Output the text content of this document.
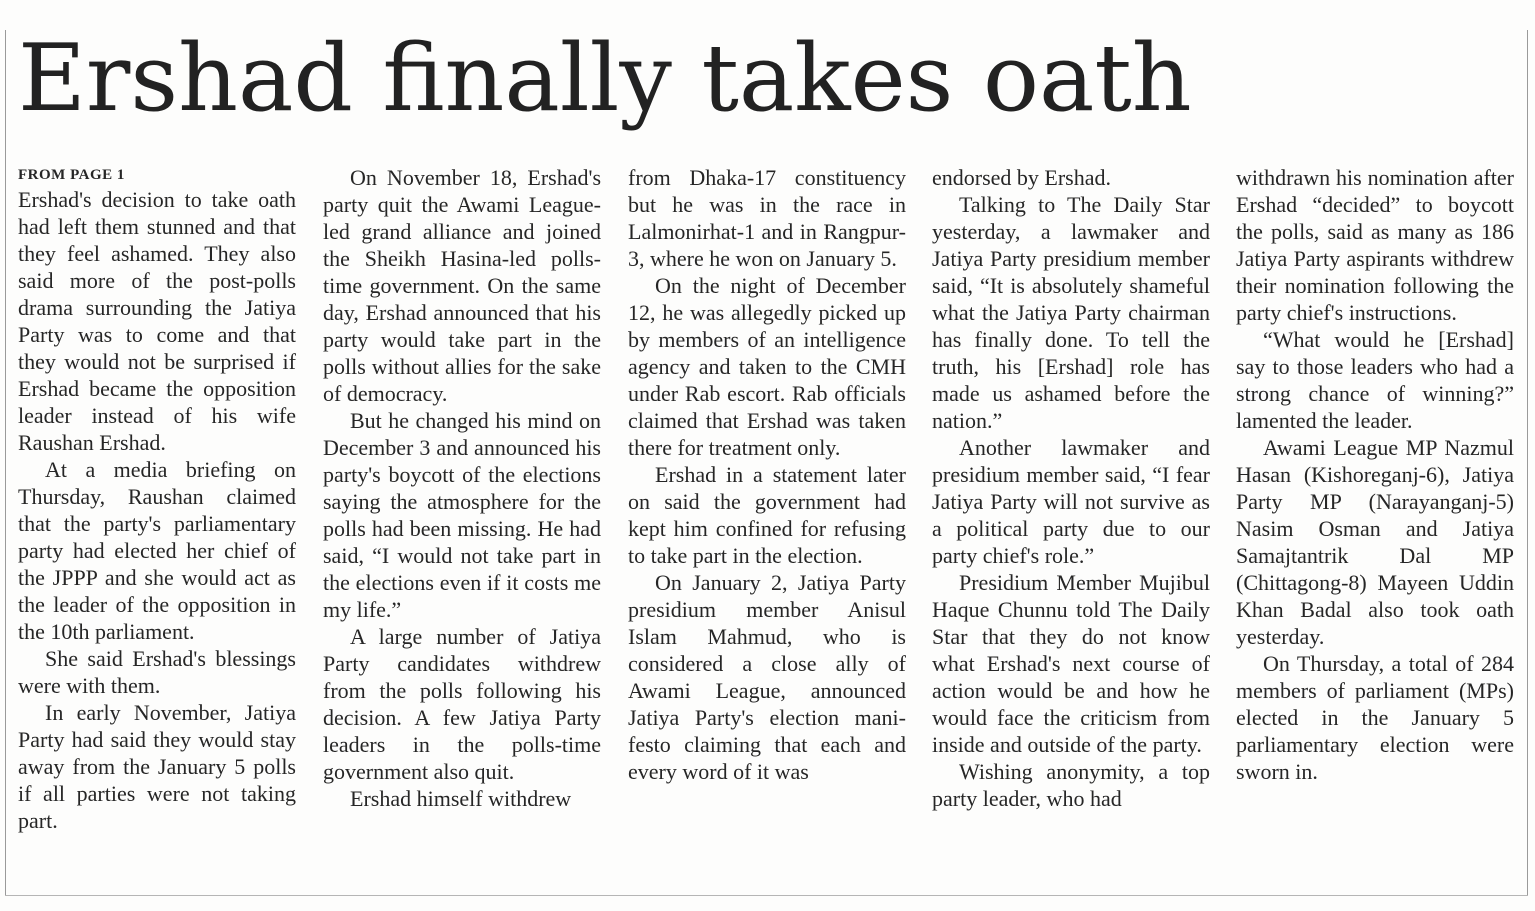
Ershad finally takes oath
FROM PAGE 1

Ershad's decision to take oath had left them stunned and that they feel ashamed. They also said more of the post-polls drama surrounding the Jatiya Party was to come and that they would not be surprised if Ershad became the opposition leader instead of his wife Raushan Ershad.

At a media briefing on Thursday, Raushan claimed that the party's parliamentary party had elected her chief of the JPPP and she would act as the leader of the opposition in the 10th parliament.

She said Ershad's blessings were with them.

In early November, Jatiya Party had said they would stay away from the January 5 polls if all parties were not taking part.

On November 18, Ershad's party quit the Awami League-led grand alliance and joined the Sheikh Hasina-led polls-time government. On the same day, Ershad announced that his party would take part in the polls without allies for the sake of democracy.

But he changed his mind on December 3 and announced his party's boycott of the elections saying the atmosphere for the polls had been missing. He had said, “I would not take part in the elections even if it costs me my life.”

A large number of Jatiya Party candidates withdrew from the polls following his decision. A few Jatiya Party leaders in the polls-time government also quit.

Ershad himself withdrew

from Dhaka-17 constituency but he was in the race in Lalmonirhat-1 and in Rangpur-3, where he won on January 5.

On the night of December 12, he was allegedly picked up by members of an intelligence agency and taken to the CMH under Rab escort. Rab officials claimed that Ershad was taken there for treatment only.

Ershad in a statement later on said the government had kept him confined for refusing to take part in the election.

On January 2, Jatiya Party presidium member Anisul Islam Mahmud, who is considered a close ally of Awami League, announced Jatiya Party's election manifesto claiming that each and every word of it was

endorsed by Ershad.

Talking to The Daily Star yesterday, a lawmaker and Jatiya Party presidium member said, “It is absolutely shameful what the Jatiya Party chairman has finally done. To tell the truth, his [Ershad] role has made us ashamed before the nation.”

Another lawmaker and presidium member said, “I fear Jatiya Party will not survive as a political party due to our party chief's role.”

Presidium Member Mujibul Haque Chunnu told The Daily Star that they do not know what Ershad's next course of action would be and how he would face the criticism from inside and outside of the party.

Wishing anonymity, a top party leader, who had

withdrawn his nomination after Ershad “decided” to boycott the polls, said as many as 186 Jatiya Party aspirants withdrew their nomination following the party chief's instructions.

“What would he [Ershad] say to those leaders who had a strong chance of winning?” lamented the leader.

Awami League MP Nazmul Hasan (Kishoreganj-6), Jatiya Party MP (Narayanganj-5) Nasim Osman and Jatiya Samajtantrik Dal MP (Chittagong-8) Mayeen Uddin Khan Badal also took oath yesterday.

On Thursday, a total of 284 members of parliament (MPs) elected in the January 5 parliamentary election were sworn in.
